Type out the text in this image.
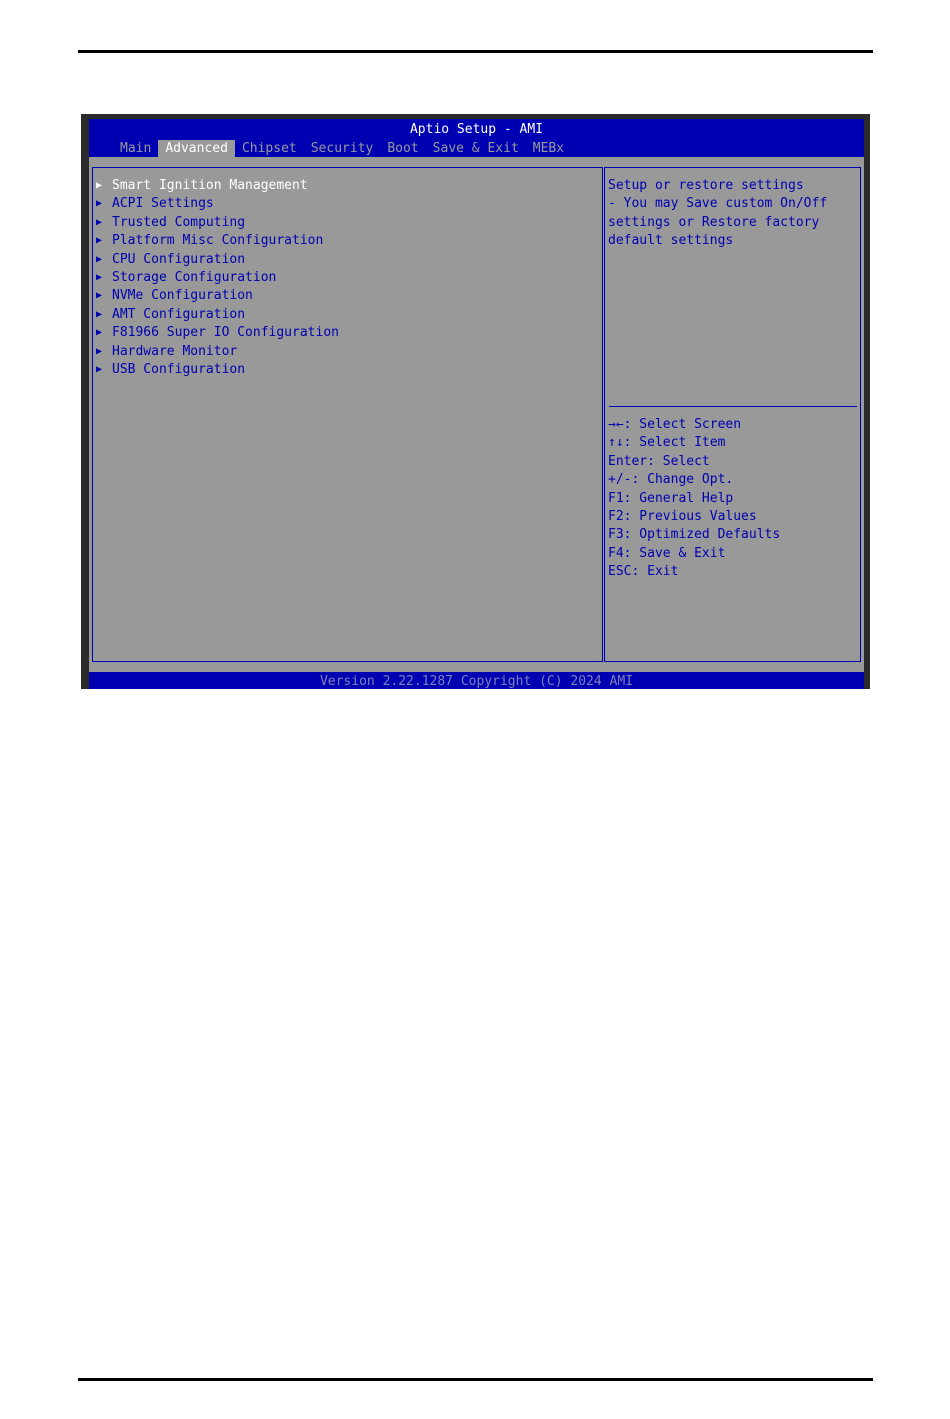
Aptio Setup - AMI
Main	Advanced	Chipset	Security	Boot	Save & Exit	MEBx
▶ Smart Ignition Management
▶ ACPI Settings
▶ Trusted Computing
▶ Platform Misc Configuration
▶ CPU Configuration
▶ Storage Configuration
▶ NVMe Configuration
▶ AMT Configuration
▶ F81966 Super IO Configuration
▶ Hardware Monitor
▶ USB Configuration
Setup or restore settings
- You may Save custom On/Off
settings or Restore factory
default settings
→←: Select Screen
↑↓: Select Item
Enter: Select
+/-: Change Opt.
F1: General Help
F2: Previous Values
F3: Optimized Defaults
F4: Save & Exit
ESC: Exit
Version 2.22.1287 Copyright (C) 2024 AMI
